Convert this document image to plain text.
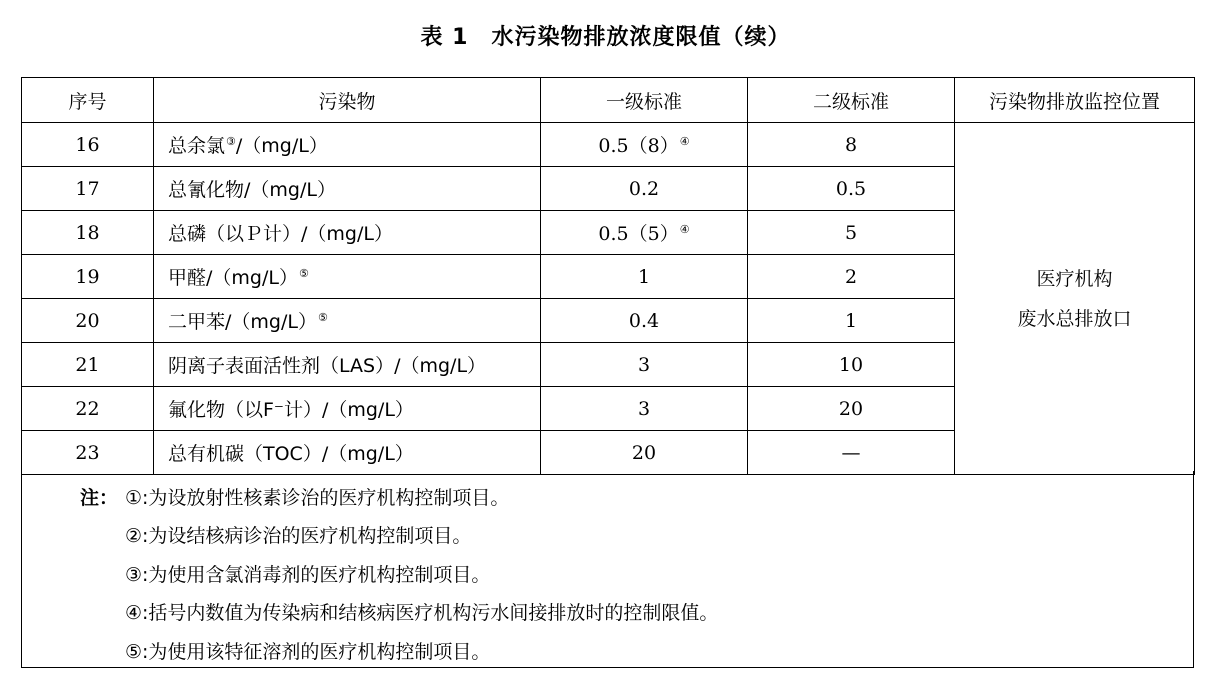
表 1　水污染物排放浓度限值（续）
序号	污染物	一级标准	二级标准	污染物排放监控位置
16	总余氯③/（mg/L）	0.5（8）④	8	医疗机构
废水总排放口

17	总氰化物/（mg/L）	0.2	0.5	
18	总磷（以Ｐ计）/（mg/L）	0.5（5）④	5	
19	甲醛/（mg/L）⑤	1	2	
20	二甲苯/（mg/L）⑤	0.4	1	
21	阴离子表面活性剂（LAS）/（mg/L）	3	10	
22	氟化物（以F⁻计）/（mg/L）	3	20	
23	总有机碳（TOC）/（mg/L）	20	—	
注： ①:为设放射性核素诊治的医疗机构控制项目。
②:为设结核病诊治的医疗机构控制项目。
③:为使用含氯消毒剂的医疗机构控制项目。
④:括号内数值为传染病和结核病医疗机构污水间接排放时的控制限值。
⑤:为使用该特征溶剂的医疗机构控制项目。
